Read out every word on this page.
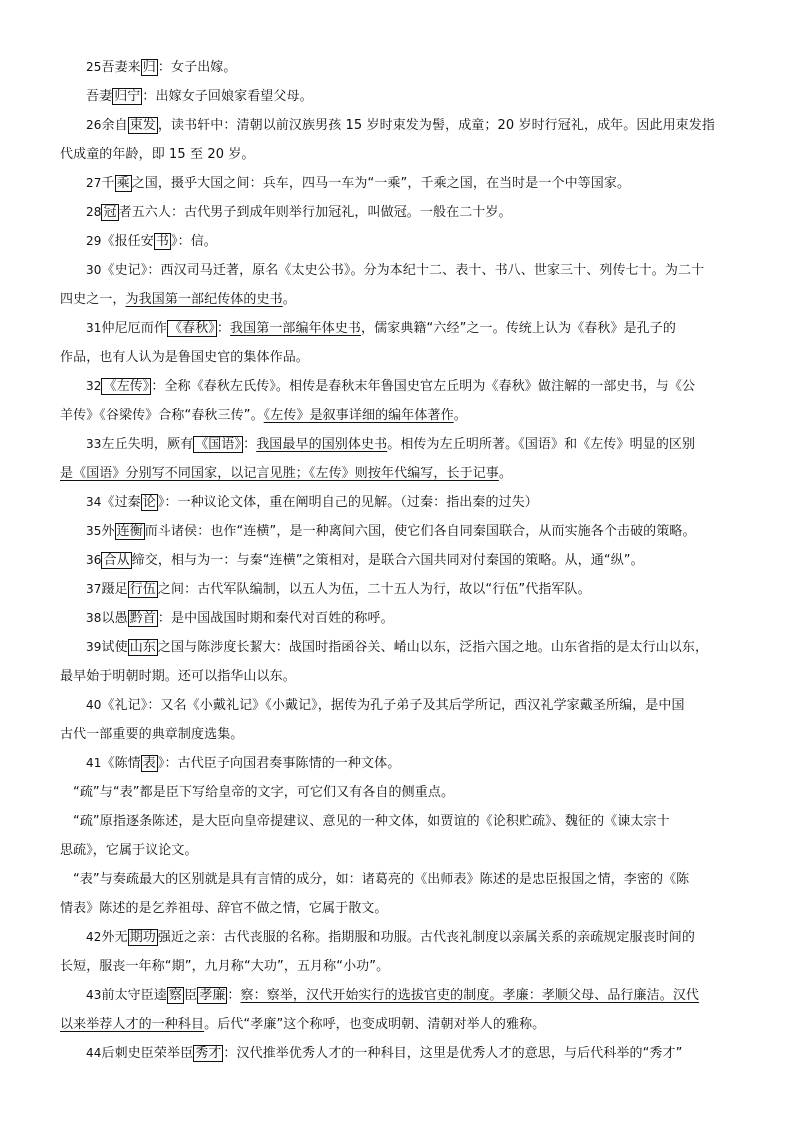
25吾妻来 归 ：女子出嫁。
吾妻 归宁 ：出嫁女子回娘家看望父母。
26余自 束发 ，读书轩中：清朝以前汉族男孩 15 岁时束发为髻，成童；20 岁时行冠礼，成年。因此用束发指
代成童的年龄，即 15 至 20 岁。
27千 乘 之国，摄乎大国之间：兵车，四马一车为“一乘”，千乘之国，在当时是一个中等国家。
28 冠 者五六人：古代男子到成年则举行加冠礼，叫做冠。一般在二十岁。
29《报任安 书 》：信。
30《史记》：西汉司马迁著，原名《太史公书》。分为本纪十二、表十、书八、世家三十、列传七十。为二十
四史之一，为我国第一部纪传体的史书。
31仲尼厄而作 《春秋》 ：我国第一部编年体史书，儒家典籍“六经”之一。传统上认为《春秋》是孔子的
作品，也有人认为是鲁国史官的集体作品。
32 《左传》 ：全称《春秋左氏传》。相传是春秋末年鲁国史官左丘明为《春秋》做注解的一部史书，与《公
羊传》《谷梁传》合称“春秋三传”。《左传》是叙事详细的编年体著作。
33左丘失明，厥有 《国语》 ：我国最早的国别体史书。相传为左丘明所著。《国语》和《左传》明显的区别
是《国语》分别写不同国家，以记言见胜；《左传》则按年代编写，长于记事。
34《过秦 论 》：一种议论文体，重在阐明自己的见解。（过秦：指出秦的过失）
35外 连衡 而斗诸侯：也作“连横”，是一种离间六国，使它们各自同秦国联合，从而实施各个击破的策略。
36 合从 缔交，相与为一：与秦“连横”之策相对，是联合六国共同对付秦国的策略。从，通“纵”。
37蹑足 行伍 之间：古代军队编制，以五人为伍，二十五人为行，故以“行伍”代指军队。
38以愚 黔首 ：是中国战国时期和秦代对百姓的称呼。
39试使 山东 之国与陈涉度长絜大：战国时指函谷关、崤山以东，泛指六国之地。山东省指的是太行山以东，
最早始于明朝时期。还可以指华山以东。
40《礼记》：又名《小戴礼记》《小戴记》，据传为孔子弟子及其后学所记，西汉礼学家戴圣所编，是中国
古代一部重要的典章制度选集。
41《陈情 表 》：古代臣子向国君奏事陈情的一种文体。
“疏”与“表”都是臣下写给皇帝的文字，可它们又有各自的侧重点。
“疏”原指逐条陈述，是大臣向皇帝提建议、意见的一种文体，如贾谊的《论积贮疏》、魏征的《谏太宗十
思疏》，它属于议论文。
“表”与奏疏最大的区别就是具有言情的成分，如：诸葛亮的《出师表》陈述的是忠臣报国之情，李密的《陈
情表》陈述的是乞养祖母、辞官不做之情，它属于散文。
42外无 期功 强近之亲：古代丧服的名称。指期服和功服。古代丧礼制度以亲属关系的亲疏规定服丧时间的
长短，服丧一年称“期”，九月称“大功”，五月称“小功”。
43前太守臣逵 察 臣 孝廉 ：察：察举，汉代开始实行的选拔官吏的制度。孝廉：孝顺父母、品行廉洁。汉代
以来举荐人才的一种科目。后代“孝廉”这个称呼，也变成明朝、清朝对举人的雅称。
44后刺史臣荣举臣 秀才 ：汉代推举优秀人才的一种科目，这里是优秀人才的意思，与后代科举的“秀才”
